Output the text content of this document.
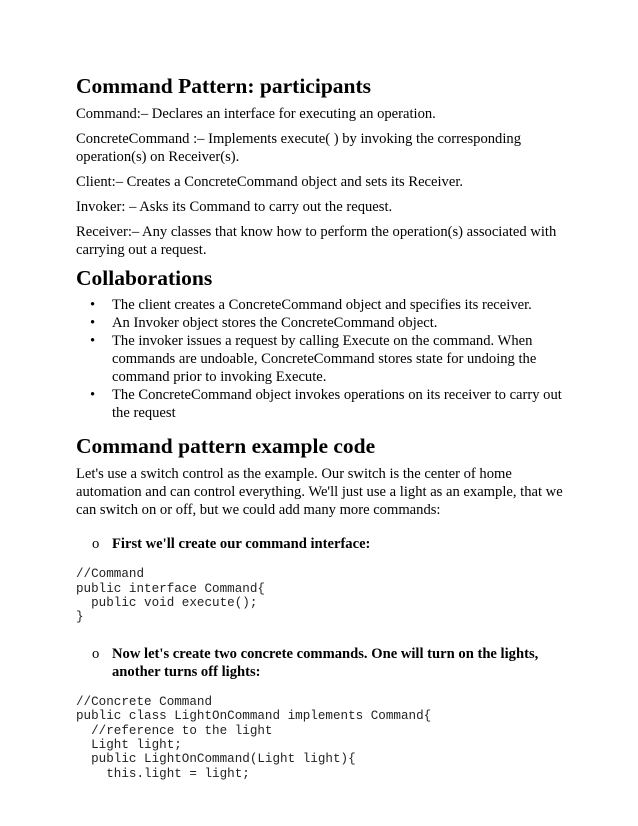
Command Pattern: participants

Command:– Declares an interface for executing an operation.

ConcreteCommand :– Implements execute( ) by invoking the corresponding operation(s) on Receiver(s).

Client:– Creates a ConcreteCommand object and sets its Receiver.

Invoker: – Asks its Command to carry out the request.

Receiver:– Any classes that know how to perform the operation(s) associated with carrying out a request.

Collaborations
• The client creates a ConcreteCommand object and specifies its receiver.
• An Invoker object stores the ConcreteCommand object.
• The invoker issues a request by calling Execute on the command. When commands are undoable, ConcreteCommand stores state for undoing the command prior to invoking Execute.
• The ConcreteCommand object invokes operations on its receiver to carry out the request
Command pattern example code

Let's use a switch control as the example. Our switch is the center of home automation and can control everything. We'll just use a light as an example, that we can switch on or off, but we could add many more commands:

o First we'll create our command interface:
//Command
public interface Command{
public void execute();
}
o Now let's create two concrete commands. One will turn on the lights, another turns off lights:
//Concrete Command
public class LightOnCommand implements Command{
//reference to the light
Light light;
public LightOnCommand(Light light){
this.light = light;
